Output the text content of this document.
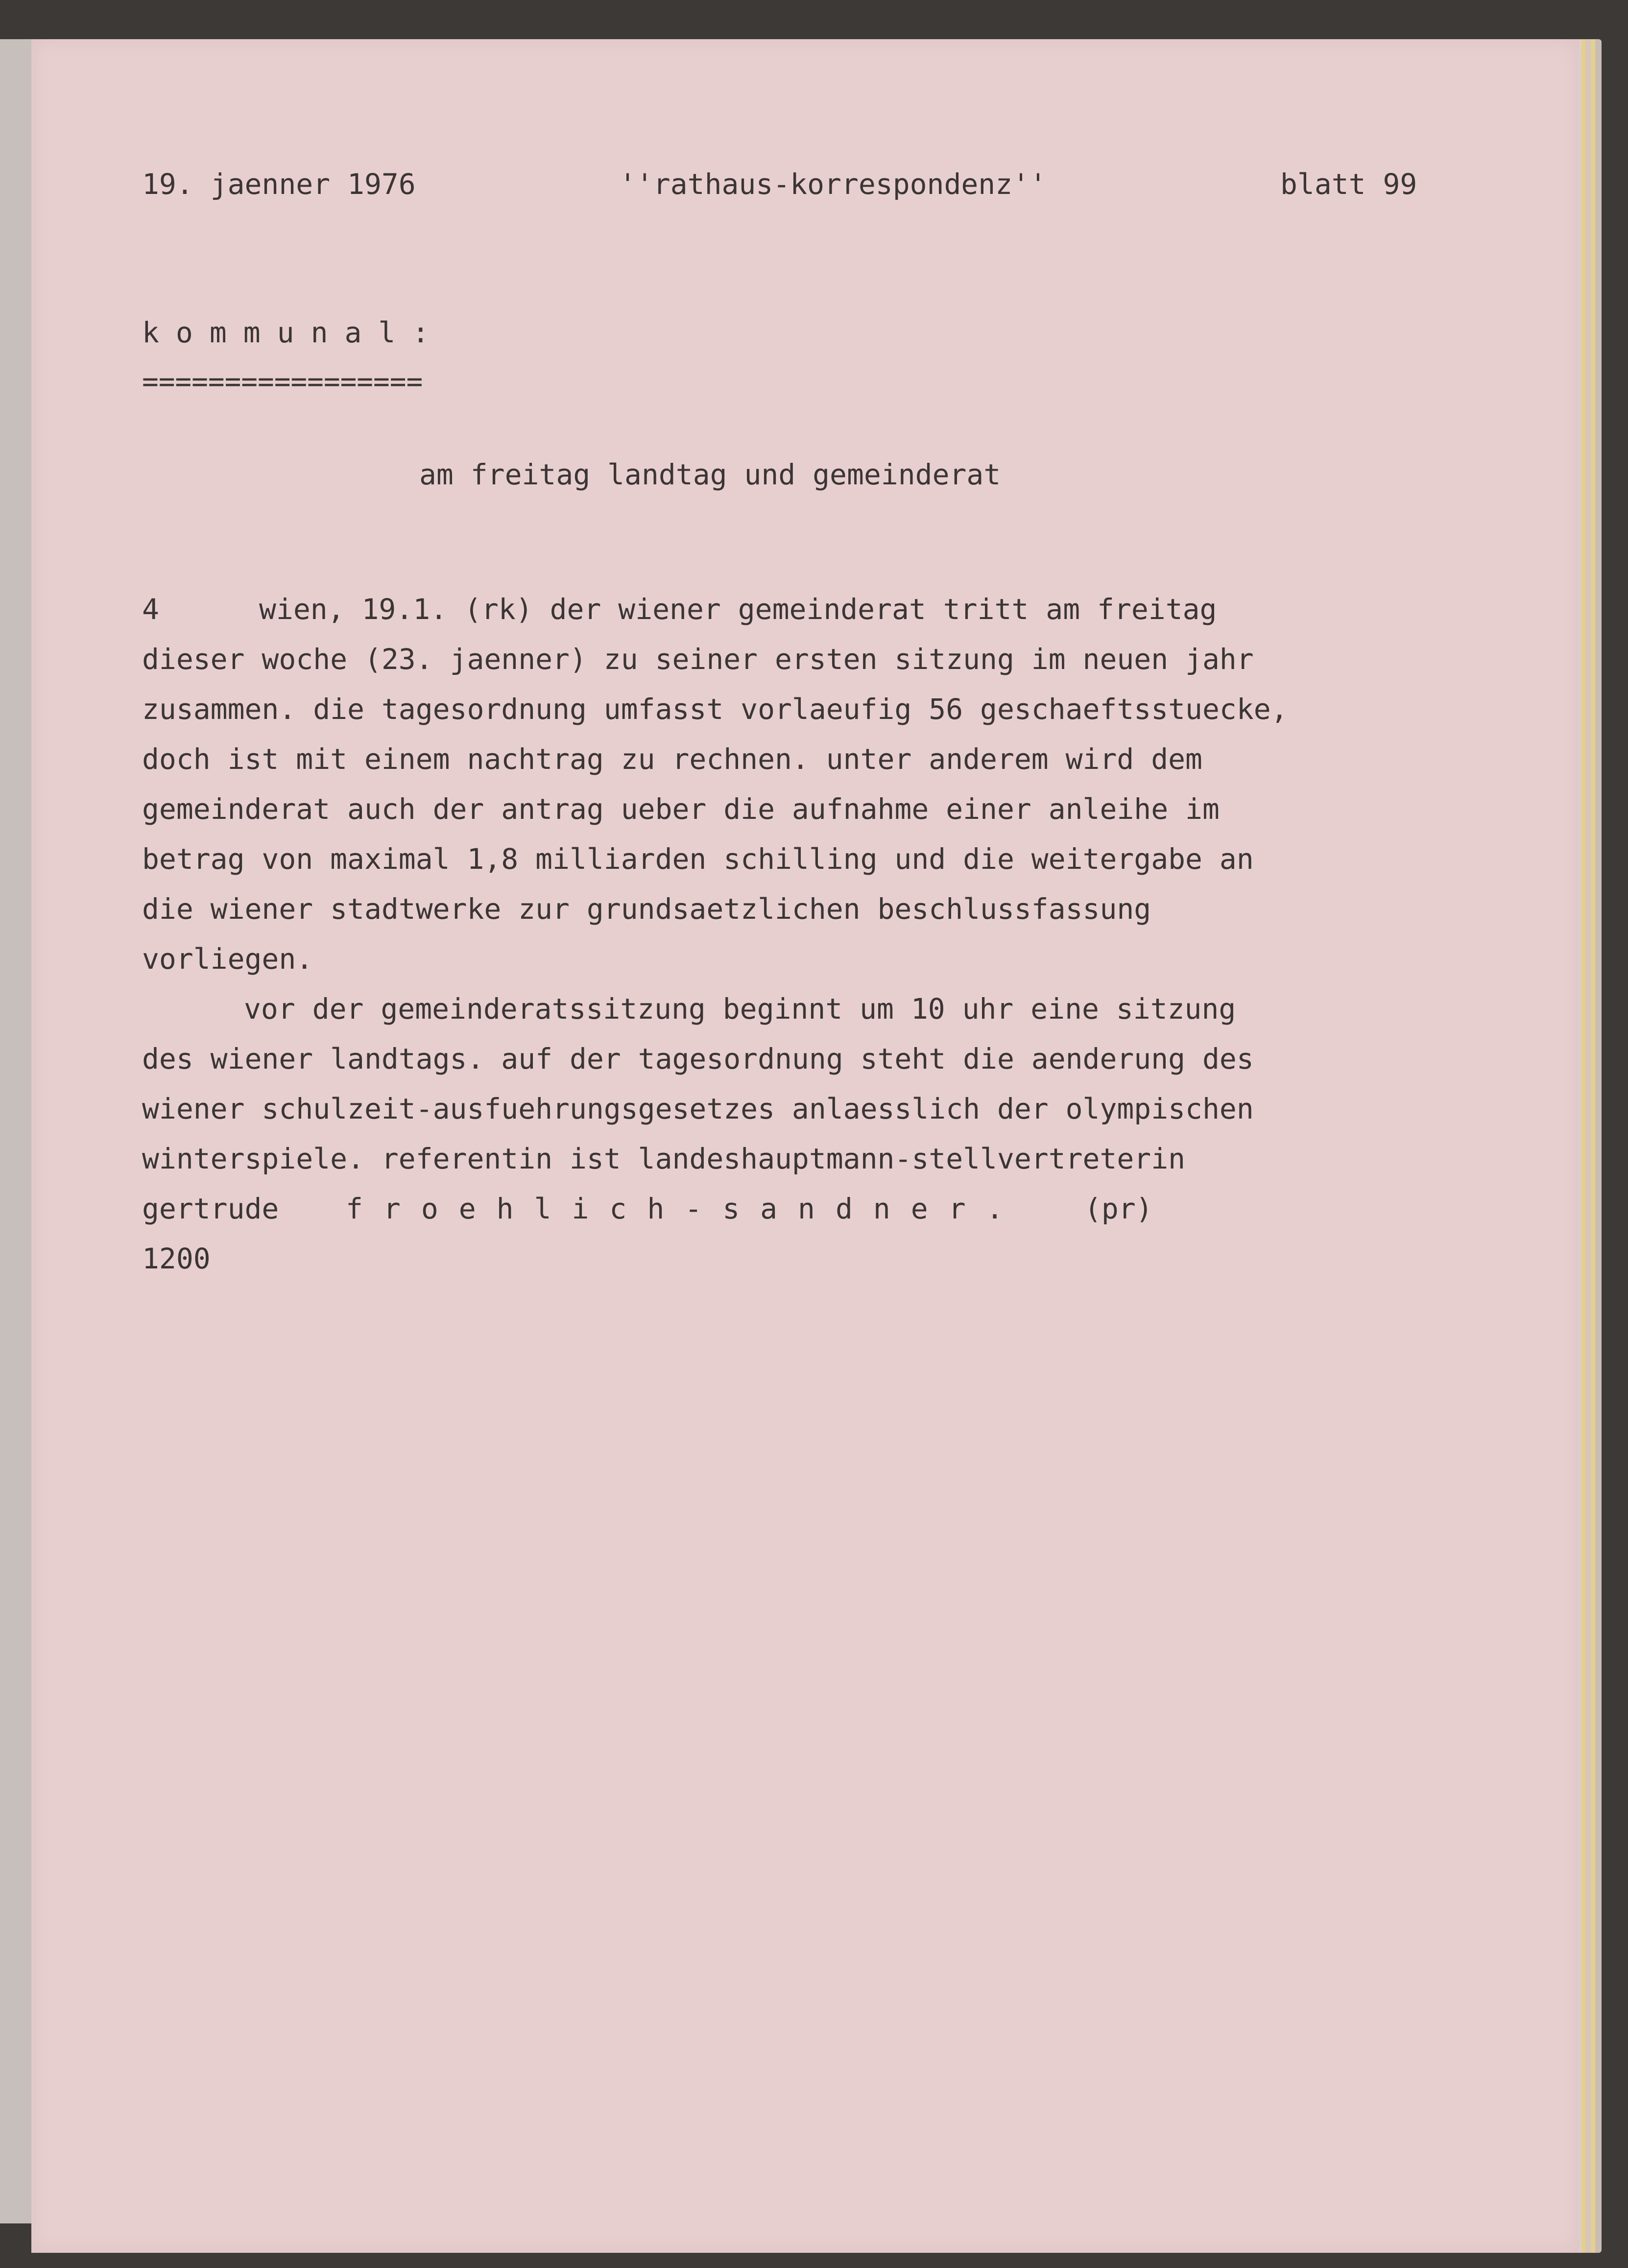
19. jaenner 1976	''rathaus-korrespondenz''	blatt 99
kommunal:
=================
am freitag landtag und gemeinderat
4	wien, 19.1. (rk) der wiener gemeinderat tritt am freitag
dieser woche (23. jaenner) zu seiner ersten sitzung im neuen jahr
zusammen. die tagesordnung umfasst vorlaeufig 56 geschaeftsstuecke,
doch ist mit einem nachtrag zu rechnen. unter anderem wird dem
gemeinderat auch der antrag ueber die aufnahme einer anleihe im
betrag von maximal 1,8 milliarden schilling und die weitergabe an
die wiener stadtwerke zur grundsaetzlichen beschlussfassung
vorliegen.
vor der gemeinderatssitzung beginnt um 10 uhr eine sitzung
des wiener landtags. auf der tagesordnung steht die aenderung des
wiener schulzeit-ausfuehrungsgesetzes anlaesslich der olympischen
winterspiele. referentin ist landeshauptmann-stellvertreterin
gertrude froehlich-sandner. (pr)
1200
